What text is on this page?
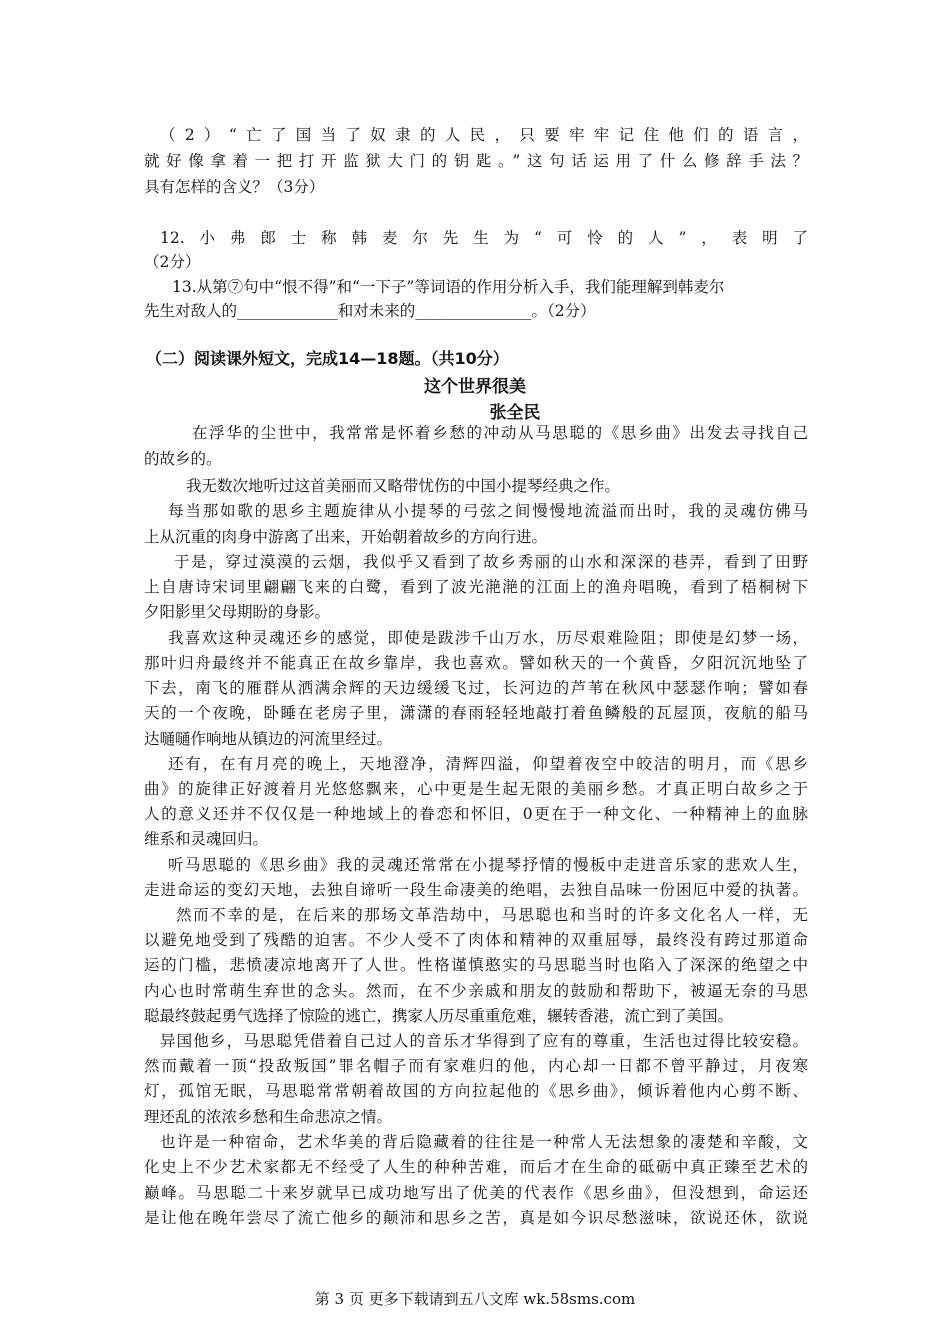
（2）“亡了国当了奴隶的人民，只要牢牢记住他们的语言，
就好像拿着一把打开监狱大门的钥匙。”这句话运用了什么修辞手法？
具有怎样的含义？（3分）
12.小弗郎士称韩麦尔先生为“可怜的人”，表明了
（2分）
13.从第⑦句中“恨不得”和“一下子”等词语的作用分析入手，我们能理解到韩麦尔
先生对敌人的_____________和对未来的_______________。（2分）
（二）阅读课外短文，完成14—18题。（共10分）
这个世界很美
张全民
在浮华的尘世中，我常常是怀着乡愁的冲动从马思聪的《思乡曲》出发去寻找自己
的故乡的。
我无数次地听过这首美丽而又略带忧伤的中国小提琴经典之作。
每当那如歌的思乡主题旋律从小提琴的弓弦之间慢慢地流溢而出时，我的灵魂仿佛马
上从沉重的肉身中游离了出来，开始朝着故乡的方向行进。
于是，穿过漠漠的云烟，我似乎又看到了故乡秀丽的山水和深深的巷弄，看到了田野
上自唐诗宋词里翩翩飞来的白鹭，看到了波光滟滟的江面上的渔舟唱晚，看到了梧桐树下
夕阳影里父母期盼的身影。
我喜欢这种灵魂还乡的感觉，即使是跋涉千山万水，历尽艰难险阻；即使是幻梦一场，
那叶归舟最终并不能真正在故乡靠岸，我也喜欢。譬如秋天的一个黄昏，夕阳沉沉地坠了
下去，南飞的雁群从洒满余辉的天边缓缓飞过，长河边的芦苇在秋风中瑟瑟作响；譬如春
天的一个夜晚，卧睡在老房子里，潇潇的春雨轻轻地敲打着鱼鳞般的瓦屋顶，夜航的船马
达嗵嗵作响地从镇边的河流里经过。
还有，在有月亮的晚上，天地澄净，清辉四溢，仰望着夜空中皎洁的明月，而《思乡
曲》的旋律正好渡着月光悠悠飘来，心中更是生起无限的美丽乡愁。才真正明白故乡之于
人的意义还并不仅仅是一种地域上的眷恋和怀旧，0更在于一种文化、一种精神上的血脉
维系和灵魂回归。
听马思聪的《思乡曲》我的灵魂还常常在小提琴抒情的慢板中走进音乐家的悲欢人生，
走进命运的变幻天地，去独自谛听一段生命凄美的绝唱，去独自品味一份困厄中爱的执著。
然而不幸的是，在后来的那场文革浩劫中，马思聪也和当时的许多文化名人一样，无
以避免地受到了残酷的迫害。不少人受不了肉体和精神的双重屈辱，最终没有跨过那道命
运的门槛，悲愤凄凉地离开了人世。性格谨慎憨实的马思聪当时也陷入了深深的绝望之中
内心也时常萌生弃世的念头。然而，在不少亲戚和朋友的鼓励和帮助下，被逼无奈的马思
聪最终鼓起勇气选择了惊险的逃亡，携家人历尽重重危难，辗转香港，流亡到了美国。
异国他乡，马思聪凭借着自己过人的音乐才华得到了应有的尊重，生活也过得比较安稳。
然而戴着一顶“投敌叛国”罪名帽子而有家难归的他，内心却一日都不曾平静过，月夜寒
灯，孤馆无眠，马思聪常常朝着故国的方向拉起他的《思乡曲》，倾诉着他内心剪不断、
理还乱的浓浓乡愁和生命悲凉之情。
也许是一种宿命，艺术华美的背后隐藏着的往往是一种常人无法想象的凄楚和辛酸，文
化史上不少艺术家都无不经受了人生的种种苦难，而后才在生命的砥砺中真正臻至艺术的
巅峰。马思聪二十来岁就早已成功地写出了优美的代表作《思乡曲》，但没想到，命运还
是让他在晚年尝尽了流亡他乡的颠沛和思乡之苦，真是如今识尽愁滋味，欲说还休，欲说
第 3 页 更多下载请到五八文库 wk.58sms.com
